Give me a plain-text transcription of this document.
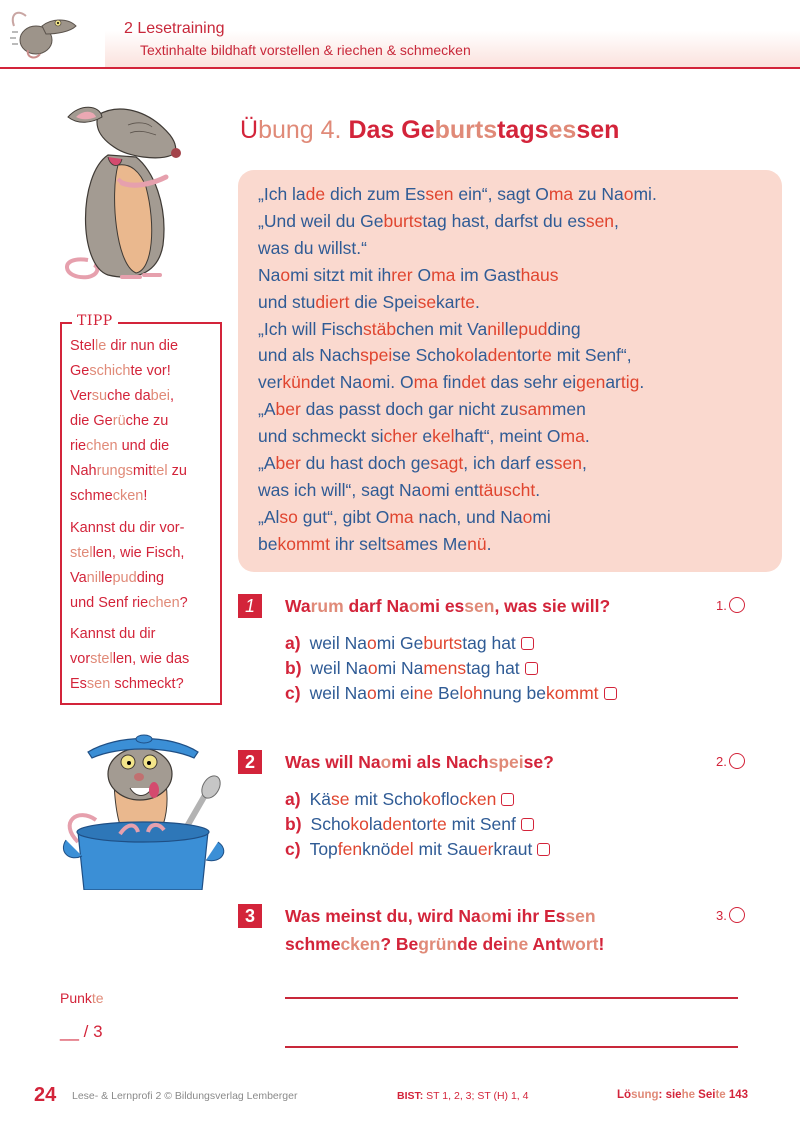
2 Lesetraining
Textinhalte bildhaft vorstellen & riechen & schmecken
TIPP
Stelle dir nun die
Geschichte vor!
Versuche dabei,
die Gerüche zu
riechen und die
Nahrungsmittel zu
schmecken!
Kannst du dir vor-
stellen, wie Fisch,
Vanillepudding
und Senf riechen?
Kannst du dir
vorstellen, wie das
Essen schmeckt?
Übung 4. Das Geburtstagsessen
„Ich lade dich zum Essen ein“, sagt Oma zu Naomi.
„Und weil du Geburtstag hast, darfst du essen,
was du willst.“
Naomi sitzt mit ihrer Oma im Gasthaus
und studiert die Speisekarte.
„Ich will Fischstäbchen mit Vanillepudding
und als Nachspeise Schokoladentorte mit Senf“,
verkündet Naomi. Oma findet das sehr eigenartig.
„Aber das passt doch gar nicht zusammen
und schmeckt sicher ekelhaft“, meint Oma.
„Aber du hast doch gesagt, ich darf essen,
was ich will“, sagt Naomi enttäuscht.
„Also gut“, gibt Oma nach, und Naomi
bekommt ihr seltsames Menü.
1	Warum darf Naomi essen, was sie will?	1.
a) weil Naomi Geburtstag hat
b) weil Naomi Namenstag hat
c) weil Naomi eine Belohnung bekommt
2	Was will Naomi als Nachspeise?	2.
a) Käse mit Schokoflocken
b) Schokoladentorte mit Senf
c) Topfenknödel mit Sauerkraut
3	Was meinst du, wird Naomi ihr Essen
schmecken? Begründe deine Antwort!
3.
Punkte
__ / 3
24 Lese- & Lernprofi 2 © Bildungsverlag Lemberger	BIST: ST 1, 2, 3; ST (H) 1, 4	Lösung: siehe Seite 143
